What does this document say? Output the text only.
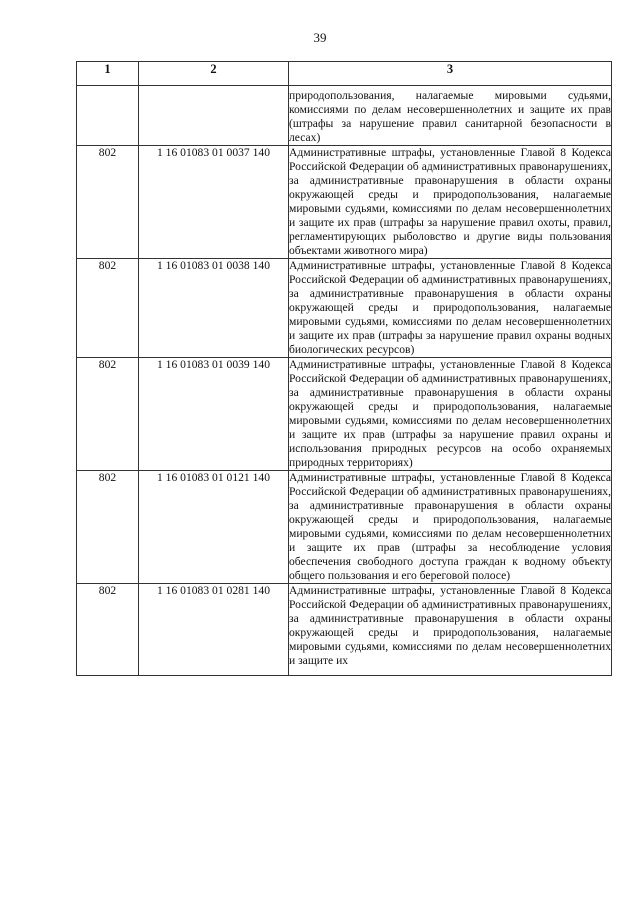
39
1	2	3
		природопользования, налагаемые мировыми судьями, комиссиями по делам несовершеннолетних и защите их прав (штрафы за нарушение правил санитарной безопасности в лесах)
802	1 16 01083 01 0037 140	Административные штрафы, установленные Главой 8 Кодекса Российской Федерации об административных правонарушениях, за административные правонарушения в области охраны окружающей среды и природопользования, налагаемые мировыми судьями, комиссиями по делам несовершеннолетних и защите их прав (штрафы за нарушение правил охоты, правил, регламентирующих рыболовство и другие виды пользования объектами животного мира)
802	1 16 01083 01 0038 140	Административные штрафы, установленные Главой 8 Кодекса Российской Федерации об административных правонарушениях, за административные правонарушения в области охраны окружающей среды и природопользования, налагаемые мировыми судьями, комиссиями по делам несовершеннолетних и защите их прав (штрафы за нарушение правил охраны водных биологических ресурсов)
802	1 16 01083 01 0039 140	Административные штрафы, установленные Главой 8 Кодекса Российской Федерации об административных правонарушениях, за административные правонарушения в области охраны окружающей среды и природопользования, налагаемые мировыми судьями, комиссиями по делам несовершеннолетних и защите их прав (штрафы за нарушение правил охраны и использования природных ресурсов на особо охраняемых природных территориях)
802	1 16 01083 01 0121 140	Административные штрафы, установленные Главой 8 Кодекса Российской Федерации об административных правонарушениях, за административные правонарушения в области охраны окружающей среды и природопользования, налагаемые мировыми судьями, комиссиями по делам несовершеннолетних и защите их прав (штрафы за несоблюдение условия обеспечения свободного доступа граждан к водному объекту общего пользования и его береговой полосе)
802	1 16 01083 01 0281 140	Административные штрафы, установленные Главой 8 Кодекса Российской Федерации об административных правонарушениях, за административные правонарушения в области охраны окружающей среды и природопользования, налагаемые мировыми судьями, комиссиями по делам несовершеннолетних и защите их
